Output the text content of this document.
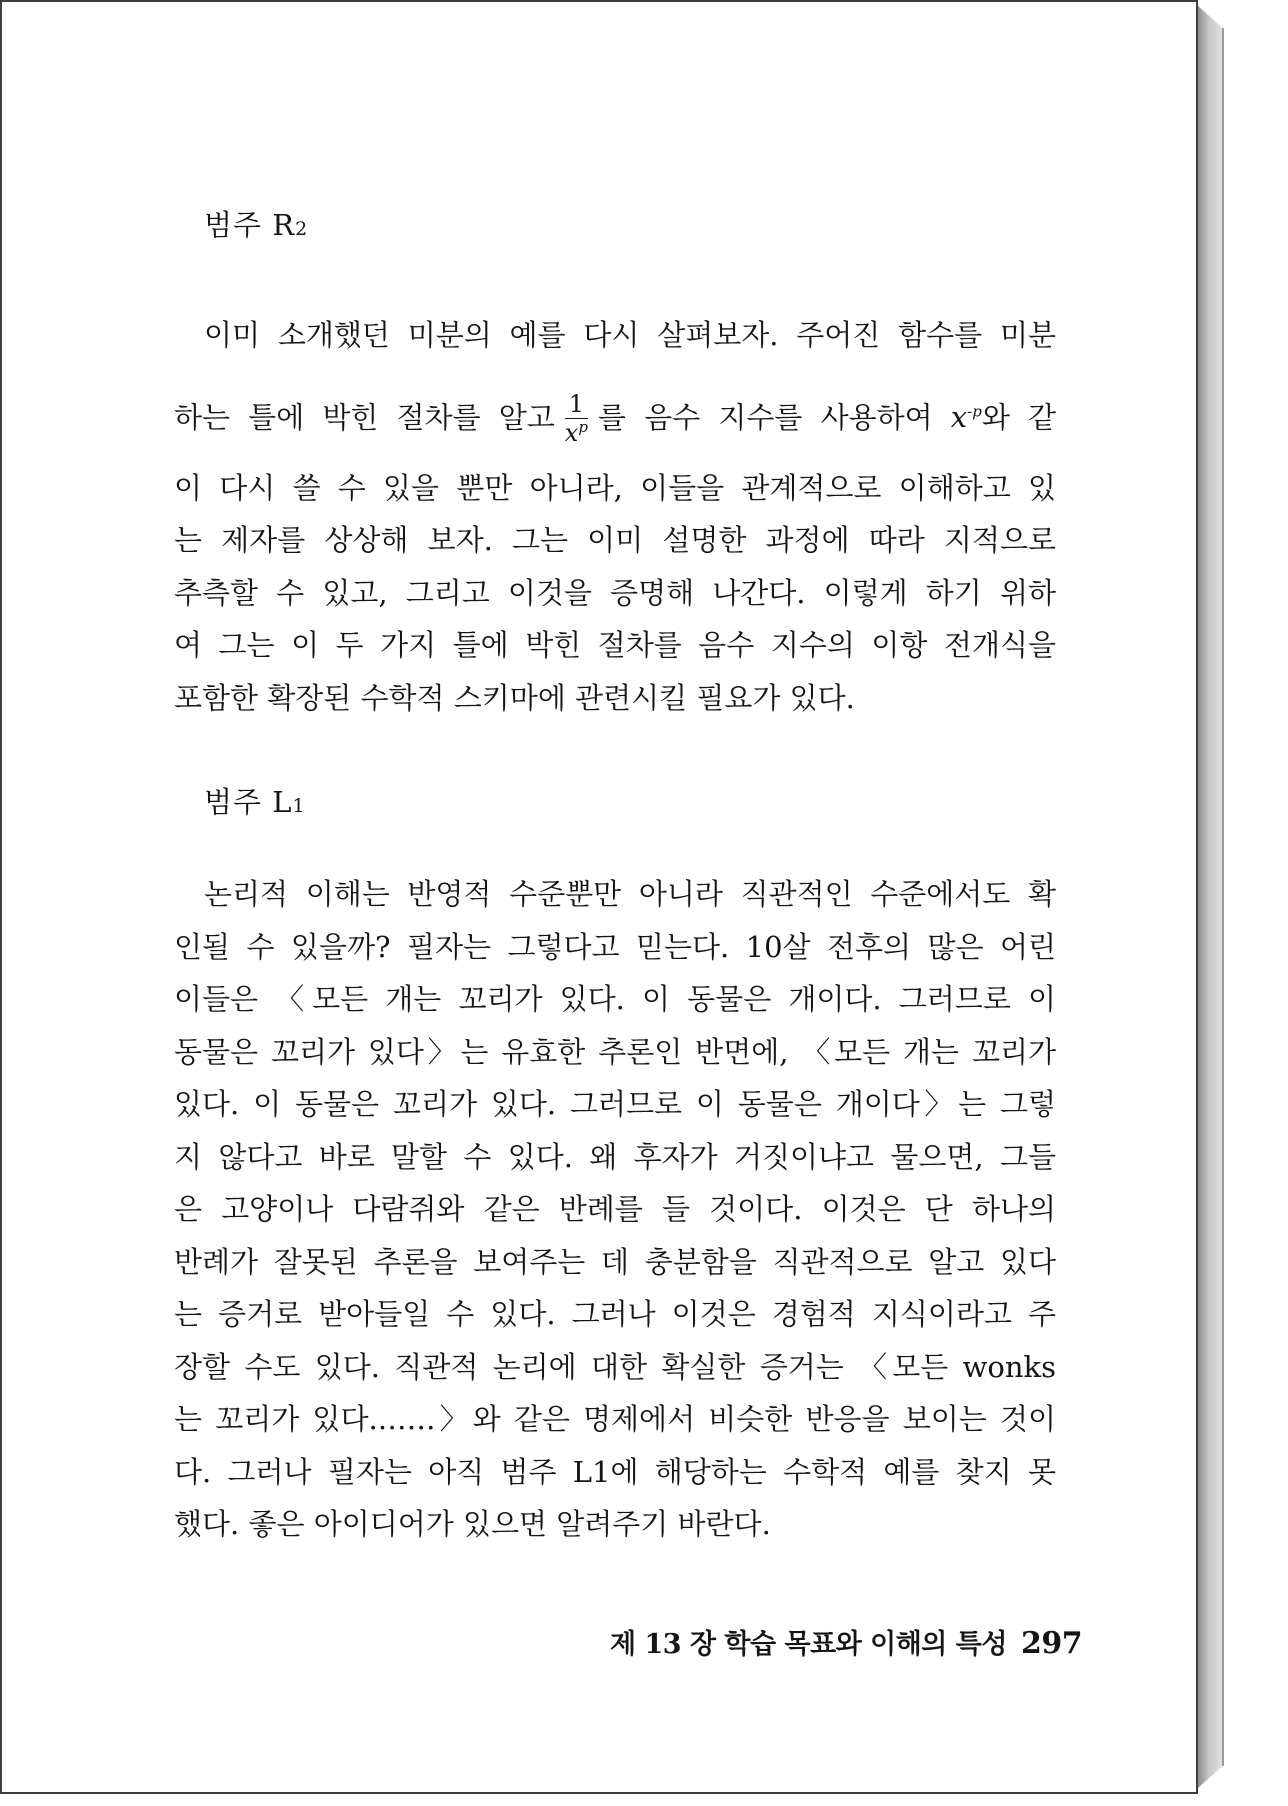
범주 R2
이미 소개했던 미분의 예를 다시 살펴보자. 주어진 함수를 미분
하는 틀에 박힌 절차를 알고 $\frac{1}{x^p}$ 를 음수 지수를 사용하여 $x^{-p}$와 같
이 다시 쓸 수 있을 뿐만 아니라, 이들을 관계적으로 이해하고 있
는 제자를 상상해 보자. 그는 이미 설명한 과정에 따라 지적으로
추측할 수 있고, 그리고 이것을 증명해 나간다. 이렇게 하기 위하
여 그는 이 두 가지 틀에 박힌 절차를 음수 지수의 이항 전개식을
포함한 확장된 수학적 스키마에 관련시킬 필요가 있다.
범주 L1
논리적 이해는 반영적 수준뿐만 아니라 직관적인 수준에서도 확
인될 수 있을까? 필자는 그렇다고 믿는다. 10살 전후의 많은 어린
이들은 〈모든 개는 꼬리가 있다. 이 동물은 개이다. 그러므로 이
동물은 꼬리가 있다〉는 유효한 추론인 반면에, 〈모든 개는 꼬리가
있다. 이 동물은 꼬리가 있다. 그러므로 이 동물은 개이다〉는 그렇
지 않다고 바로 말할 수 있다. 왜 후자가 거짓이냐고 물으면, 그들
은 고양이나 다람쥐와 같은 반례를 들 것이다. 이것은 단 하나의
반례가 잘못된 추론을 보여주는 데 충분함을 직관적으로 알고 있다
는 증거로 받아들일 수 있다. 그러나 이것은 경험적 지식이라고 주
장할 수도 있다. 직관적 논리에 대한 확실한 증거는 〈모든 wonks
는 꼬리가 있다.……〉와 같은 명제에서 비슷한 반응을 보이는 것이
다. 그러나 필자는 아직 범주 L1에 해당하는 수학적 예를 찾지 못
했다. 좋은 아이디어가 있으면 알려주기 바란다.
제 13 장 학습 목표와 이해의 특성 297
